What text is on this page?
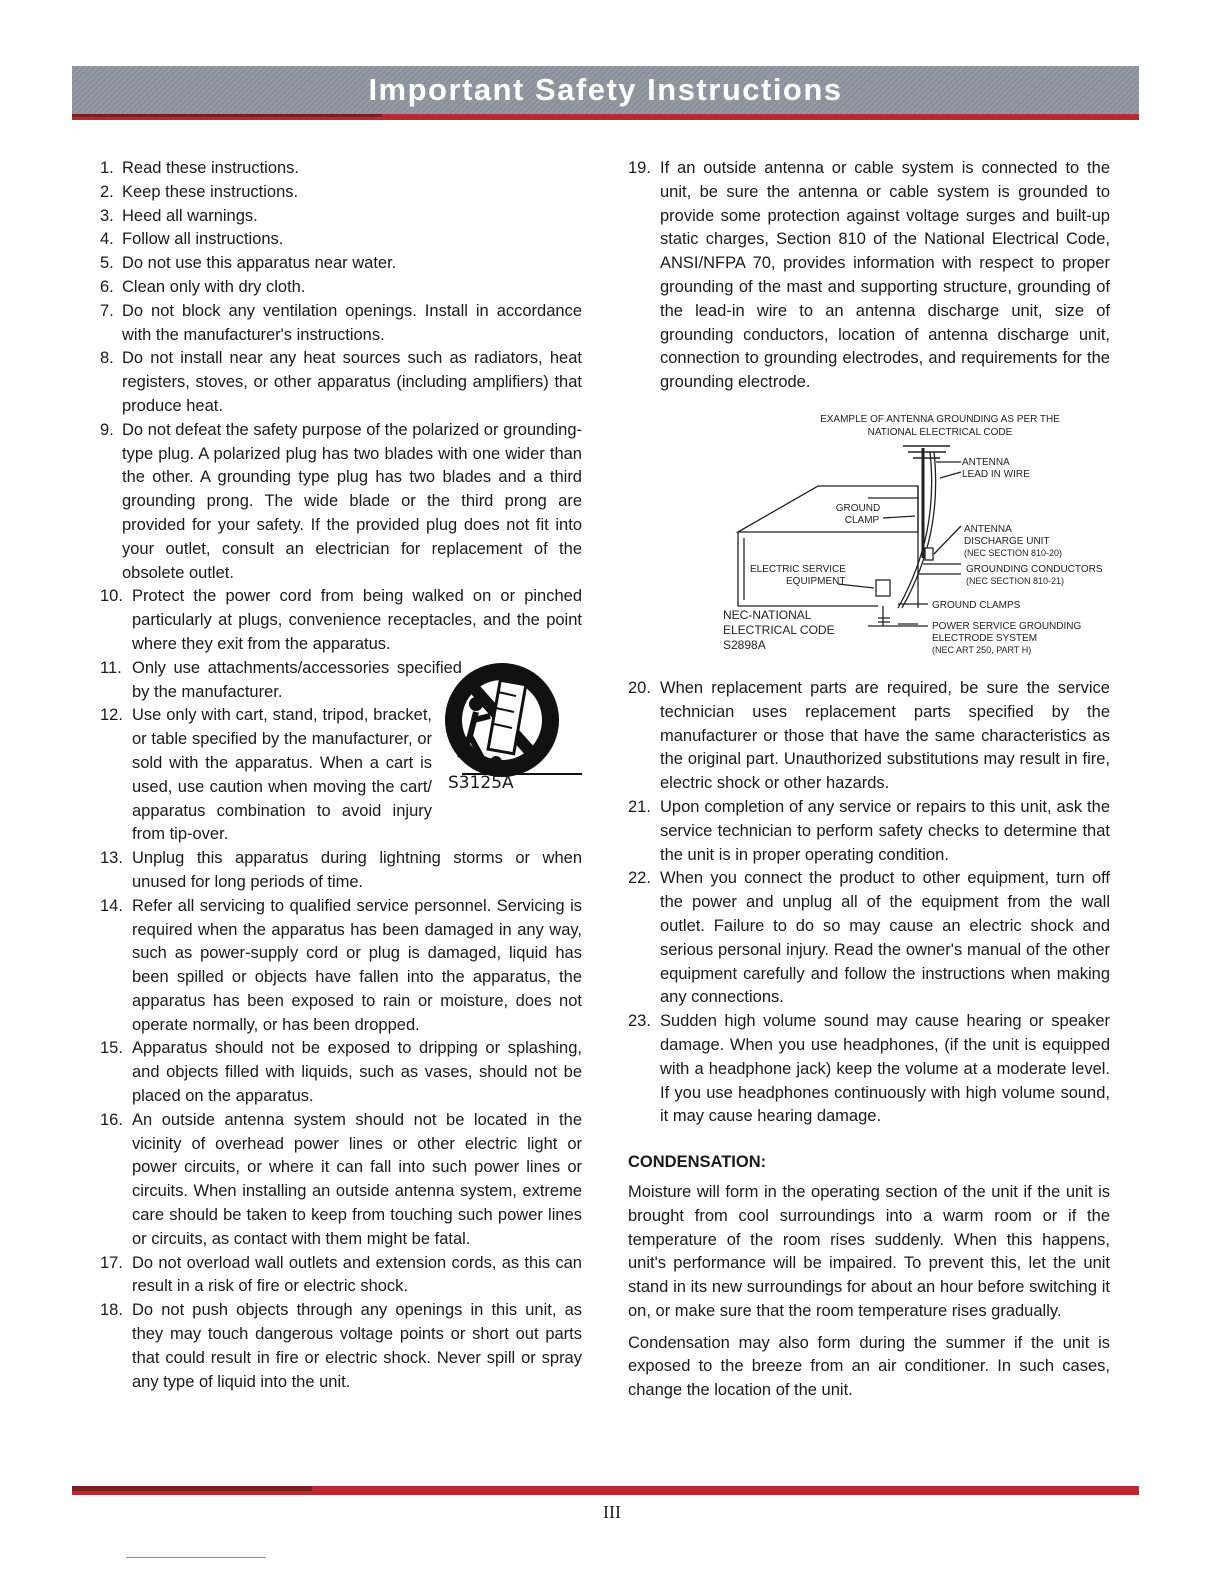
Important Safety Instructions
1. Read these instructions.
2. Keep these instructions.
3. Heed all warnings.
4. Follow all instructions.
5. Do not use this apparatus near water.
6. Clean only with dry cloth.
7. Do not block any ventilation openings. Install in accordance with the manufacturer's instructions.
8. Do not install near any heat sources such as radiators, heat registers, stoves, or other apparatus (including amplifiers) that produce heat.
9. Do not defeat the safety purpose of the polarized or grounding-type plug. A polarized plug has two blades with one wider than the other. A grounding type plug has two blades and a third grounding prong. The wide blade or the third prong are provided for your safety. If the provided plug does not fit into your outlet, consult an electrician for replacement of the obsolete outlet.
10. Protect the power cord from being walked on or pinched particularly at plugs, convenience receptacles, and the point where they exit from the apparatus.
11. Only use attachments/accessories specified by the manufacturer.
12. Use only with cart, stand, tripod, bracket, or table specified by the manufacturer, or sold with the apparatus. When a cart is used, use caution when moving the cart/ apparatus combination to avoid injury from tip-over.
13. Unplug this apparatus during lightning storms or when unused for long periods of time.
14. Refer all servicing to qualified service personnel. Servicing is required when the apparatus has been damaged in any way, such as power-supply cord or plug is damaged, liquid has been spilled or objects have fallen into the apparatus, the apparatus has been exposed to rain or moisture, does not operate normally, or has been dropped.
15. Apparatus should not be exposed to dripping or splashing, and objects filled with liquids, such as vases, should not be placed on the apparatus.
16. An outside antenna system should not be located in the vicinity of overhead power lines or other electric light or power circuits, or where it can fall into such power lines or circuits. When installing an outside antenna system, extreme care should be taken to keep from touching such power lines or circuits, as contact with them might be fatal.
17. Do not overload wall outlets and extension cords, as this can result in a risk of fire or electric shock.
18. Do not push objects through any openings in this unit, as they may touch dangerous voltage points or short out parts that could result in fire or electric shock. Never spill or spray any type of liquid into the unit.
S3125A
19. If an outside antenna or cable system is connected to the unit, be sure the antenna or cable system is grounded to provide some protection against voltage surges and built-up static charges, Section 810 of the National Electrical Code, ANSI/NFPA 70, provides information with respect to proper grounding of the mast and supporting structure, grounding of the lead-in wire to an antenna discharge unit, size of grounding conductors, location of antenna discharge unit, connection to grounding electrodes, and requirements for the grounding electrode.
20. When replacement parts are required, be sure the service technician uses replacement parts specified by the manufacturer or those that have the same characteristics as the original part. Unauthorized substitutions may result in fire, electric shock or other hazards.
21. Upon completion of any service or repairs to this unit, ask the service technician to perform safety checks to determine that the unit is in proper operating condition.
22. When you connect the product to other equipment, turn off the power and unplug all of the equipment from the wall outlet. Failure to do so may cause an electric shock and serious personal injury. Read the owner's manual of the other equipment carefully and follow the instructions when making any connections.
23. Sudden high volume sound may cause hearing or speaker damage. When you use headphones, (if the unit is equipped with a headphone jack) keep the volume at a moderate level. If you use headphones continuously with high volume sound, it may cause hearing damage.
CONDENSATION:

Moisture will form in the operating section of the unit if the unit is brought from cool surroundings into a warm room or if the temperature of the room rises suddenly. When this happens, unit's performance will be impaired. To prevent this, let the unit stand in its new surroundings for about an hour before switching it on, or make sure that the room temperature rises gradually.

Condensation may also form during the summer if the unit is exposed to the breeze from an air conditioner. In such cases, change the location of the unit.

EXAMPLE OF ANTENNA GROUNDING AS PER THE
NATIONAL ELECTRICAL CODE
ANTENNA
LEAD IN WIRE
GROUND
CLAMP
ANTENNA
DISCHARGE UNIT
(NEC SECTION 810-20)
GROUNDING CONDUCTORS
(NEC SECTION 810-21)
ELECTRIC SERVICE
EQUIPMENT
GROUND CLAMPS
POWER SERVICE GROUNDING
ELECTRODE SYSTEM
(NEC ART 250, PART H)
NEC-NATIONAL
ELECTRICAL CODE
S2898A
III
